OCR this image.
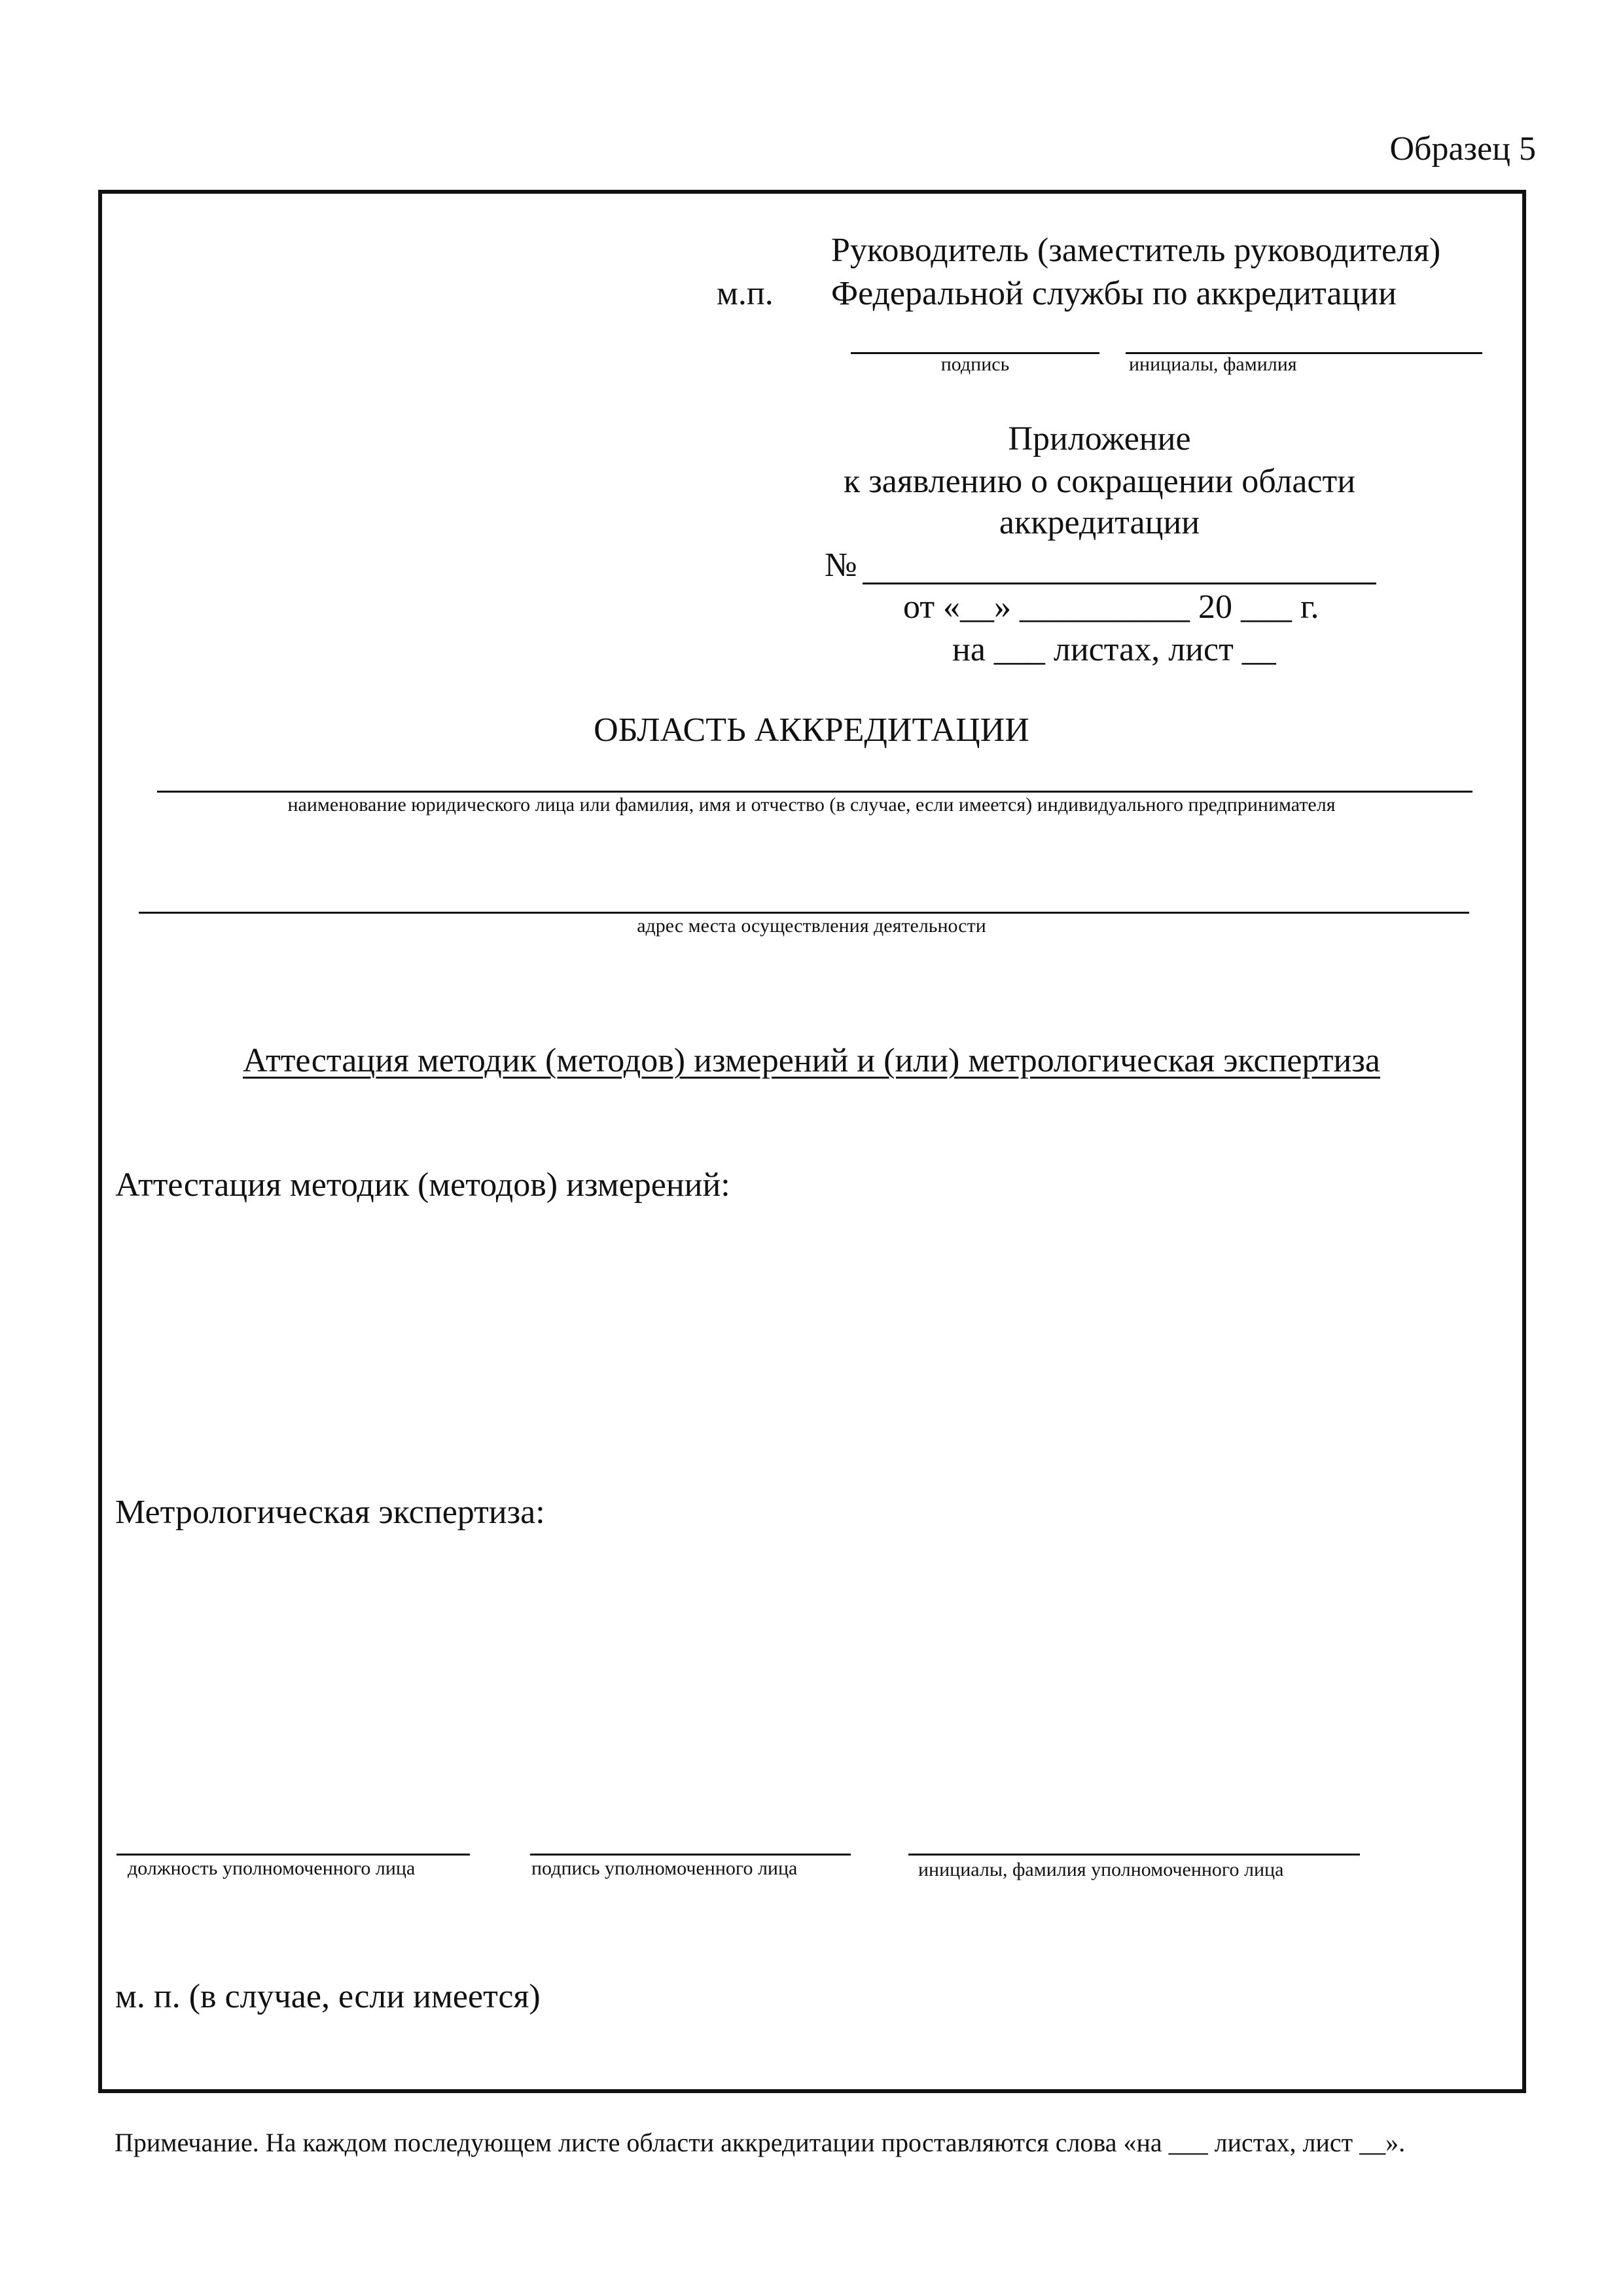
Образец 5
Руководитель (заместитель руководителя)
м.п. Федеральной службы по аккредитации
подпись	инициалы, фамилия
Приложение
к заявлению о сокращении области
аккредитации
№
от «__» __________ 20 ___ г.
на ___ листах, лист __
ОБЛАСТЬ АККРЕДИТАЦИИ
наименование юридического лица или фамилия, имя и отчество (в случае, если имеется) индивидуального предпринимателя
адрес места осуществления деятельности
Аттестация методик (методов) измерений и (или) метрологическая экспертиза
Аттестация методик (методов) измерений:
Метрологическая экспертиза:
должность уполномоченного лица	подпись уполномоченного лица	инициалы, фамилия уполномоченного лица
м. п. (в случае, если имеется)
Примечание. На каждом последующем листе области аккредитации проставляются слова «на ___ листах, лист __».
